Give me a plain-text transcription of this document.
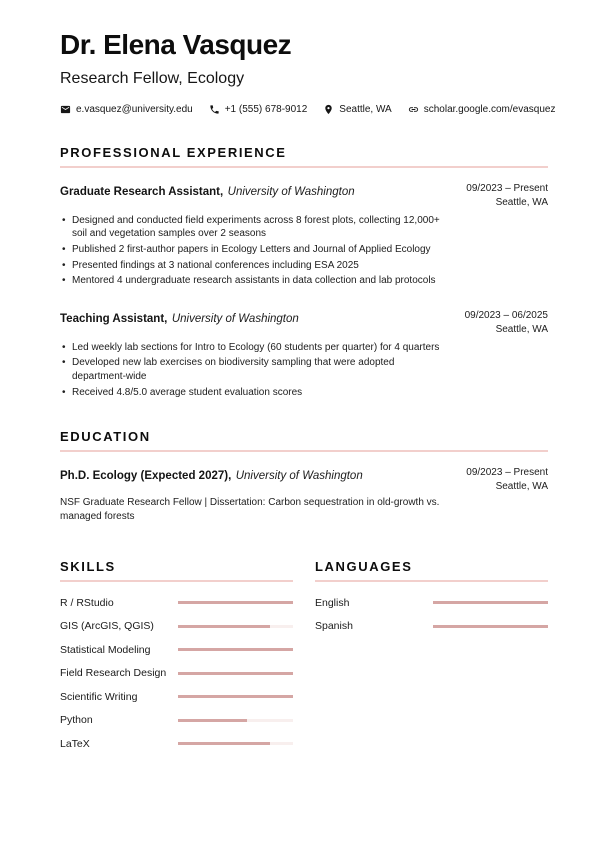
Dr. Elena Vasquez
Research Fellow, Ecology
e.vasquez@university.edu	+1 (555) 678-9012	Seattle, WA	scholar.google.com/evasquez
PROFESSIONAL EXPERIENCE
Graduate Research Assistant, University of Washington	09/2023 – Present
Seattle, WA
• Designed and conducted field experiments across 8 forest plots, collecting 12,000+ soil and vegetation samples over 2 seasons
• Published 2 first-author papers in Ecology Letters and Journal of Applied Ecology
• Presented findings at 3 national conferences including ESA 2025
• Mentored 4 undergraduate research assistants in data collection and lab protocols
Teaching Assistant, University of Washington	09/2023 – 06/2025
Seattle, WA
• Led weekly lab sections for Intro to Ecology (60 students per quarter) for 4 quarters
• Developed new lab exercises on biodiversity sampling that were adopted department-wide
• Received 4.8/5.0 average student evaluation scores
EDUCATION
Ph.D. Ecology (Expected 2027), University of Washington	09/2023 – Present
Seattle, WA
NSF Graduate Research Fellow | Dissertation: Carbon sequestration in old-growth vs. managed forests
SKILLS
R / RStudio
GIS (ArcGIS, QGIS)
Statistical Modeling
Field Research Design
Scientific Writing
Python
LaTeX
LANGUAGES
English
Spanish
